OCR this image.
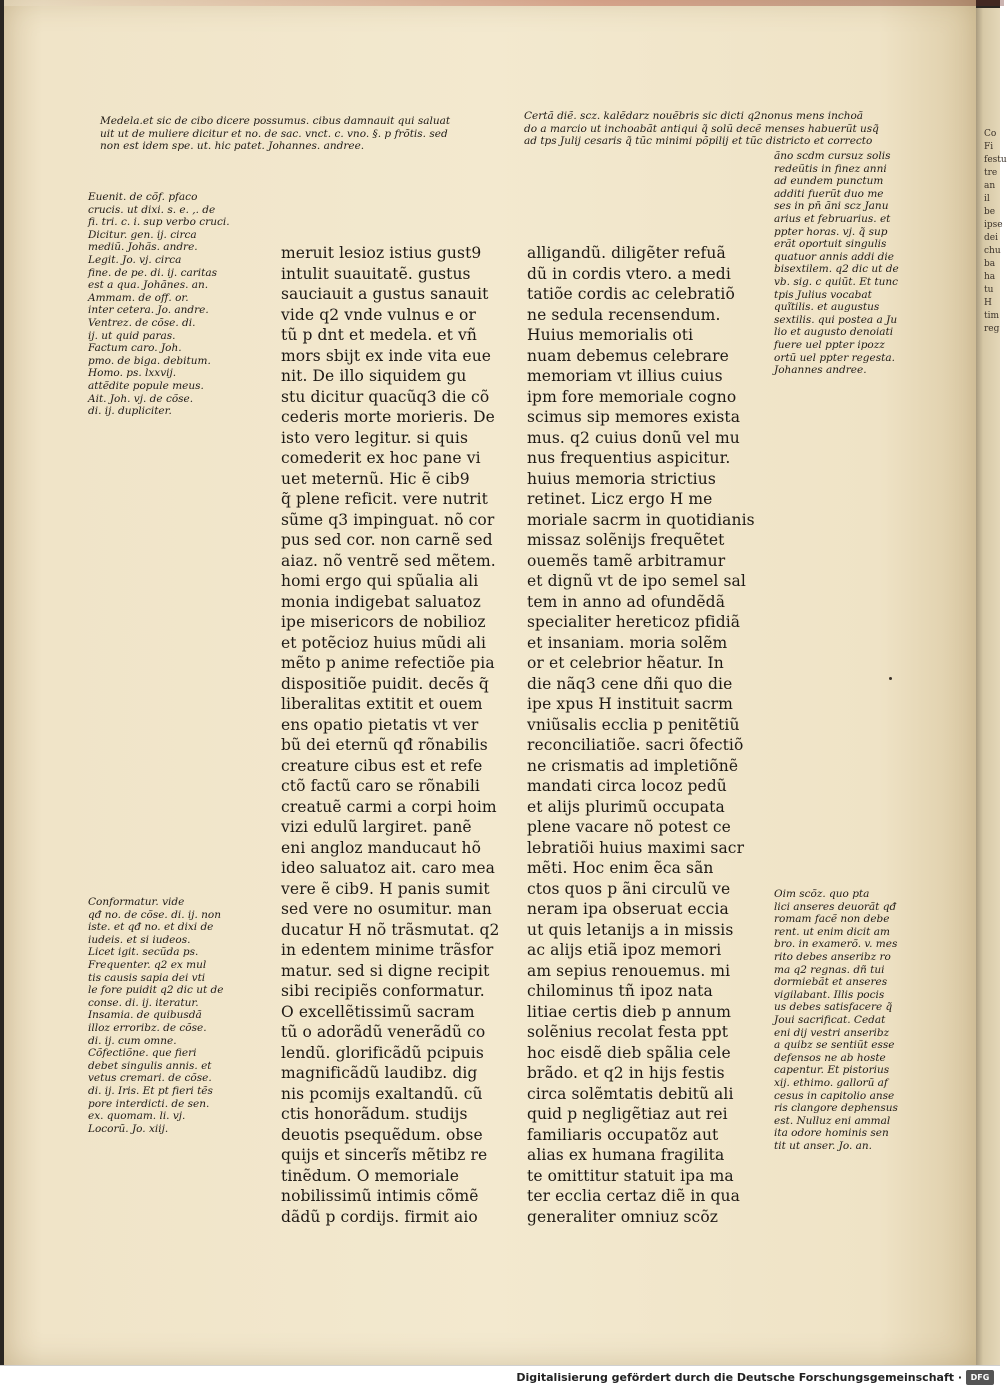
Medela.et sic de cibo dicere possumus. cibus damnauit qui saluat

uit ut de muliere dicitur et no. de sac. vnct. c. vno. §. p frõtis. sed

non est idem spe. ut. hic patet. Johannes. andree.

Certã diẽ. scz. kalẽdarz nouẽbris sic dicti q2nonus mens inchoã

do a marcio ut inchoabãt antiqui q̃ solũ decẽ menses habuerũt usq̃

ad tps Julij cesaris q̃ tũc minimi põpilij et tũc districto et correcto

Euenit. de cõf. pfaco

crucis. ut dixi. s. e. ,. de

fi. tri. c. i. sup verbo cruci.

Dicitur. gen. ij. circa

mediũ. Johãs. andre.

Legit. Jo. vj. circa

fine. de pe. di. ij. caritas

est a qua. Johãnes. an.

Ammam. de off. or.

inter cetera. Jo. andre.

Ventrez. de cõse. di.

ij. ut quid paras.

Factum caro. Joh.

pmo. de biga. debitum.

Homo. ps. lxxvij.

attẽdite popule meus.

Ait. Joh. vj. de cõse.

di. ij. dupliciter.

Conformatur. vide

qđ no. de cõse. di. ij. non

iste. et qđ no. et dixi de

iudeis. et si iudeos.

Licet igit. secũda ps.

Frequenter. q2 ex mul

tis causis sapia dei vti

le fore puidit q2 dic ut de

conse. di. ij. iteratur.

Insamia. de quibusdã

illoz erroribz. de cõse.

di. ij. cum omne.

Cõfectiõne. que fieri

debet singulis annis. et

vetus cremari. de cõse.

di. ij. Iris. Et pt fieri tẽs

pore interdicti. de sen.

ex. quomam. li. vj.

Locorũ. Jo. xiij.

ãno scdm cursuz solis

redeũtis in finez anni

ad eundem punctum

additi fuerũt duo me

ses in pn̄ ãni scz Janu

arius et februarius. et

ppter horas. vj. q̃ sup

erãt oportuit singulis

quatuor annis addi die

bisextilem. q2 dic ut de

vb. sig. c quiũt. Et tunc

tpis Julius vocabat

quĩtilis. et augustus

sextilis. qui postea a Ju

lio et augusto denoiati

fuere uel ppter ipozz

ortũ uel ppter regesta.

Johannes andree.

Oim scõz. quo pta

lici anseres deuorãt qđ

romam facẽ non debe

rent. ut enim dicit am

bro. in examerõ. v. mes

rito debes anseribz ro

ma q2 regnas. dñ tui

dormiebãt et anseres

vigilabant. Illis pocis

us debes satisfacere q̃

Joui sacrificat. Cedat

eni dij vestri anseribz

a quibz se sentiũt esse

defensos ne ab hoste

capentur. Et pistorius

xij. ethimo. gallorũ af

cesus in capitolio anse

ris clangore dephensus

est. Nulluz eni ammal

ita odore hominis sen

tit ut anser. Jo. an.

meruit lesioz istius gust9

intulit suauitatẽ. gustus

sauciauit a gustus sanauit

vide q2 vnde vulnus e or

tũ p dnt et medela. et vñ

mors sbijt ex inde vita eue

nit. De illo siquidem gu

stu dicitur quacũq3 die cõ

cederis morte morieris. De

isto vero legitur. si quis

comederit ex hoc pane vi

uet meternũ. Hic ẽ cib9

q̃ plene reficit. vere nutrit

sũme q3 impinguat. nõ cor

pus sed cor. non carnẽ sed

aiaz. nõ ventrẽ sed mẽtem.

homi ergo qui spũalia ali

monia indigebat saluatoz

ipe misericors de nobilioz

et potẽcioz huius mũdi ali

mẽto p anime refectiõe pia

dispositiõe puidit. decẽs q̃

liberalitas extitit et ouem

ens opatio pietatis vt ver

bũ dei eternũ qđ rõnabilis

creature cibus est et refe

ctõ factũ caro se rõnabili

creatuẽ carmi a corpi hoim

vizi edulũ largiret. panẽ

eni angloz manducaut hõ

ideo saluatoz ait. caro mea

vere ẽ cib9. H panis sumit

sed vere no osumitur. man

ducatur H nõ trãsmutat. q2

in edentem minime trãsfor

matur. sed si digne recipit

sibi recipiẽs conformatur.

O excellẽtissimũ sacram

tũ o adorãdũ venerãdũ co

lendũ. glorificãdũ pcipuis

magnificãdũ laudibz. dig

nis pcomijs exaltandũ. cũ

ctis honorãdum. studijs

deuotis psequẽdum. obse

quijs et sincerĩs mẽtibz re

tinẽdum. O memoriale

nobilissimũ intimis cõmẽ

dãdũ p cordijs. firmit aio

alligandũ. diligẽter refuã

dũ in cordis vtero. a medi

tatiõe cordis ac celebratiõ

ne sedula recensendum.

Huius memorialis oti

nuam debemus celebrare

memoriam vt illius cuius

ipm fore memoriale cogno

scimus sip memores exista

mus. q2 cuius donũ vel mu

nus frequentius aspicitur.

huius memoria strictius

retinet. Licz ergo H me

moriale sacrm in quotidianis

missaz solẽnijs frequẽtet

ouemẽs tamẽ arbitramur

et dignũ vt de ipo semel sal

tem in anno ad ofundẽdã

specialiter hereticoz pfidiã

et insaniam. moria solẽm

or et celebrior hẽatur. In

die nãq3 cene dñi quo die

ipe xpus H instituit sacrm

vniũsalis ecclia p penitẽtiũ

reconciliatiõe. sacri õfectiõ

ne crismatis ad impletiõnẽ

mandati circa locoz pedũ

et alijs plurimũ occupata

plene vacare nõ potest ce

lebratiõi huius maximi sacr

mẽti. Hoc enim ẽca sãn

ctos quos p ãni circulũ ve

neram ipa obseruat eccia

ut quis letanijs a in missis

ac alijs etiã ipoz memori

am sepius renouemus. mi

chilominus tñ ipoz nata

litiae certis dieb p annum

solẽnius recolat festa ppt

hoc eisdẽ dieb spãlia cele

brãdo. et q2 in hijs festis

circa solẽmtatis debitũ ali

quid p negligẽtiaz aut rei

familiaris occupatõz aut

alias ex humana fragilita

te omittitur statuit ipa ma

ter ecclia certaz diẽ in qua

generaliter omniuz scõz

Co
Fi
festu
tre
an
il
be
ipse
dei
chu
ba
ha
tu
H
tim
reg
Digitalisierung gefördert durch die Deutsche Forschungsgemeinschaft ·	DFG
